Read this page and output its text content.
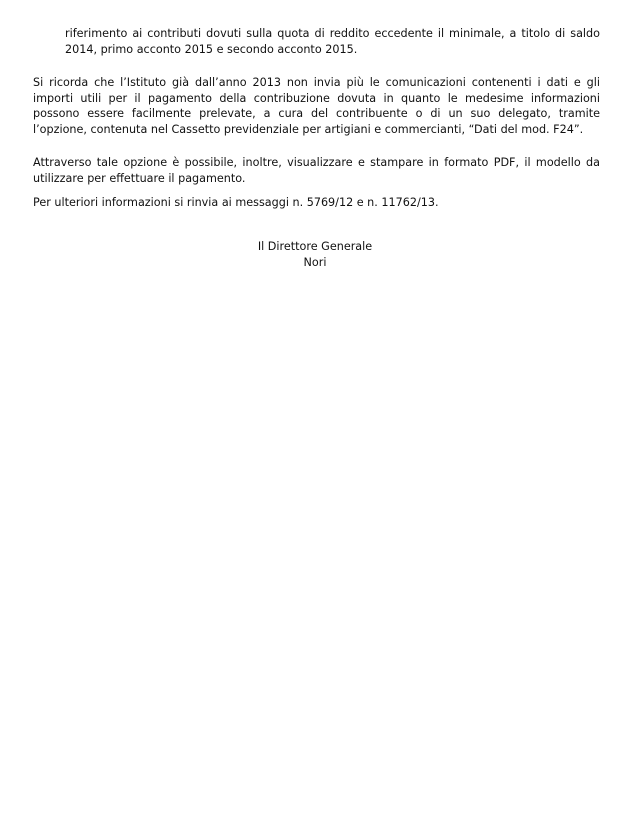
riferimento ai contributi dovuti sulla quota di reddito eccedente il minimale, a titolo di saldo 2014, primo acconto 2015 e secondo acconto 2015.

Si ricorda che l’Istituto già dall’anno 2013 non invia più le comunicazioni contenenti i dati e gli importi utili per il pagamento della contribuzione dovuta in quanto le medesime informazioni possono essere facilmente prelevate, a cura del contribuente o di un suo delegato, tramite l’opzione, contenuta nel Cassetto previdenziale per artigiani e commercianti, “Dati del mod. F24”.

Attraverso tale opzione è possibile, inoltre, visualizzare e stampare in formato PDF, il modello da utilizzare per effettuare il pagamento.

Per ulteriori informazioni si rinvia ai messaggi n. 5769/12 e n. 11762/13.

Il Direttore Generale
Nori
